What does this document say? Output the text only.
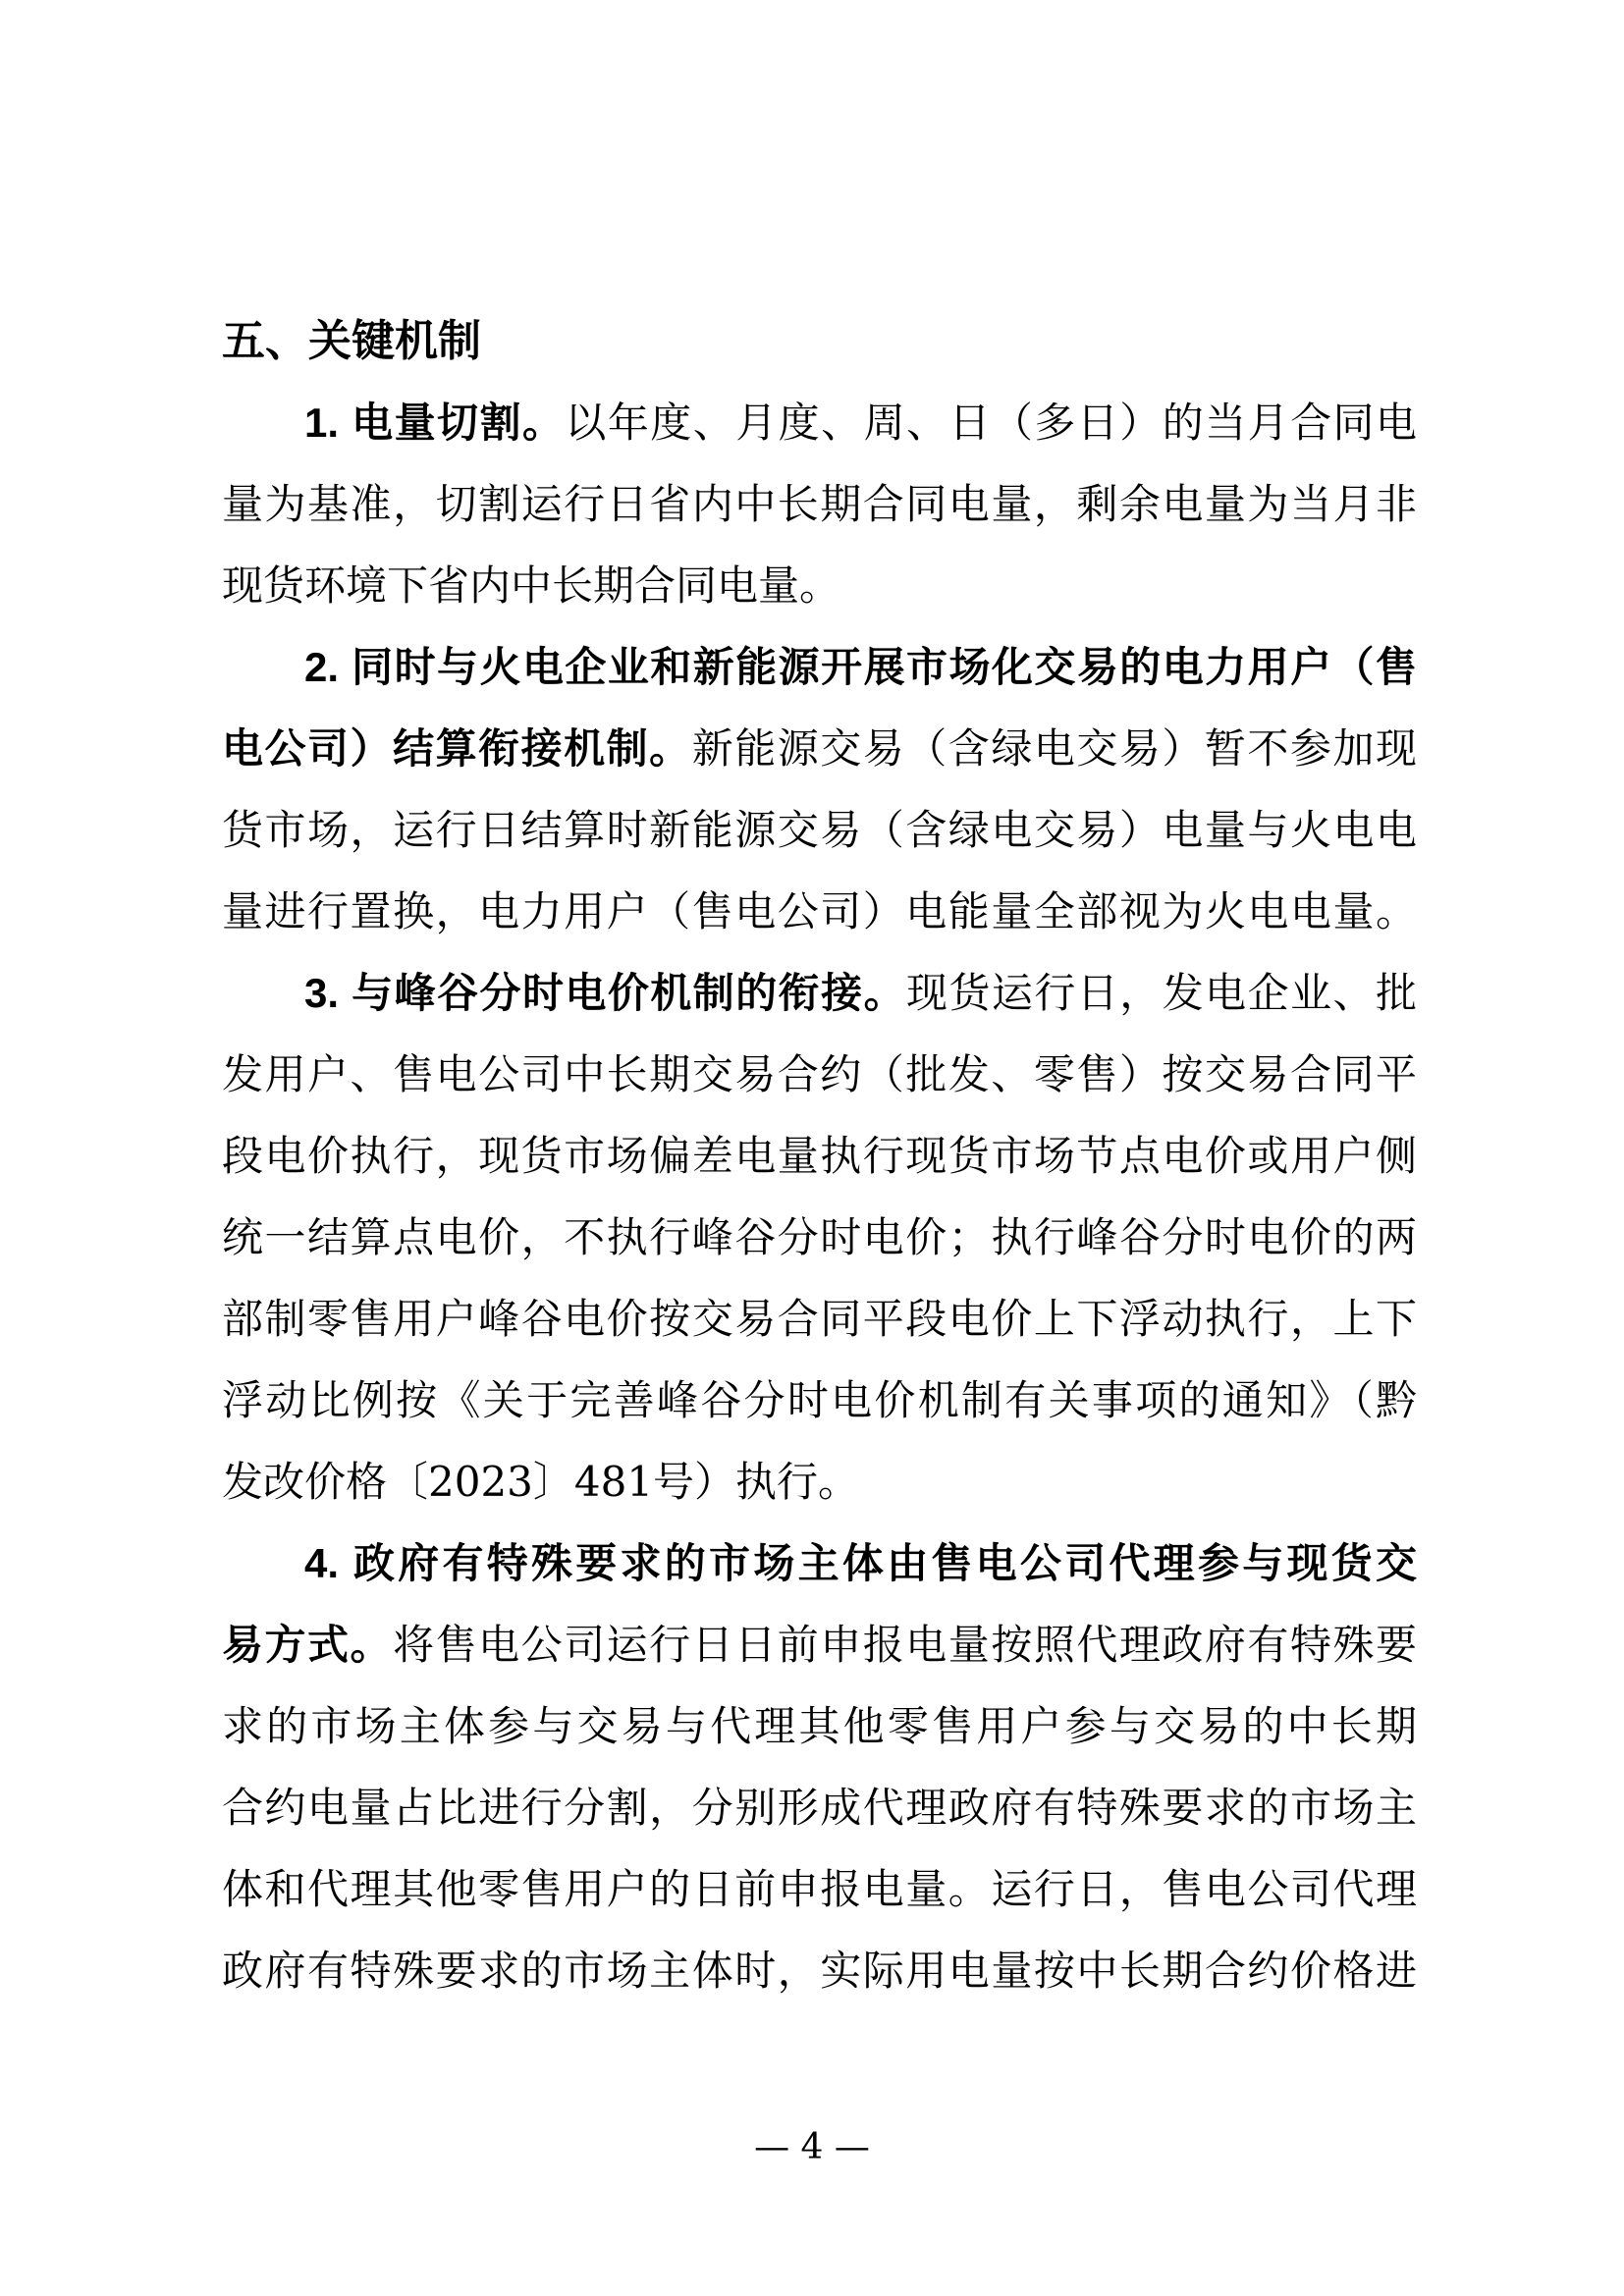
五、关键机制
1. 电量切割。以年度、月度、周、日（多日）的当月合同电
量为基准，切割运行日省内中长期合同电量，剩余电量为当月非
现货环境下省内中长期合同电量。
2. 同时与火电企业和新能源开展市场化交易的电力用户（售
电公司）结算衔接机制。新能源交易（含绿电交易）暂不参加现
货市场，运行日结算时新能源交易（含绿电交易）电量与火电电
量进行置换，电力用户（售电公司）电能量全部视为火电电量。
3. 与峰谷分时电价机制的衔接。现货运行日，发电企业、批
发用户、售电公司中长期交易合约（批发、零售）按交易合同平
段电价执行，现货市场偏差电量执行现货市场节点电价或用户侧
统一结算点电价，不执行峰谷分时电价；执行峰谷分时电价的两
部制零售用户峰谷电价按交易合同平段电价上下浮动执行，上下
浮动比例按《关于完善峰谷分时电价机制有关事项的通知》（黔
发改价格〔2023〕481号）执行。
4. 政府有特殊要求的市场主体由售电公司代理参与现货交
易方式。将售电公司运行日日前申报电量按照代理政府有特殊要
求的市场主体参与交易与代理其他零售用户参与交易的中长期
合约电量占比进行分割，分别形成代理政府有特殊要求的市场主
体和代理其他零售用户的日前申报电量。运行日，售电公司代理
政府有特殊要求的市场主体时，实际用电量按中长期合约价格进
— 4 —
